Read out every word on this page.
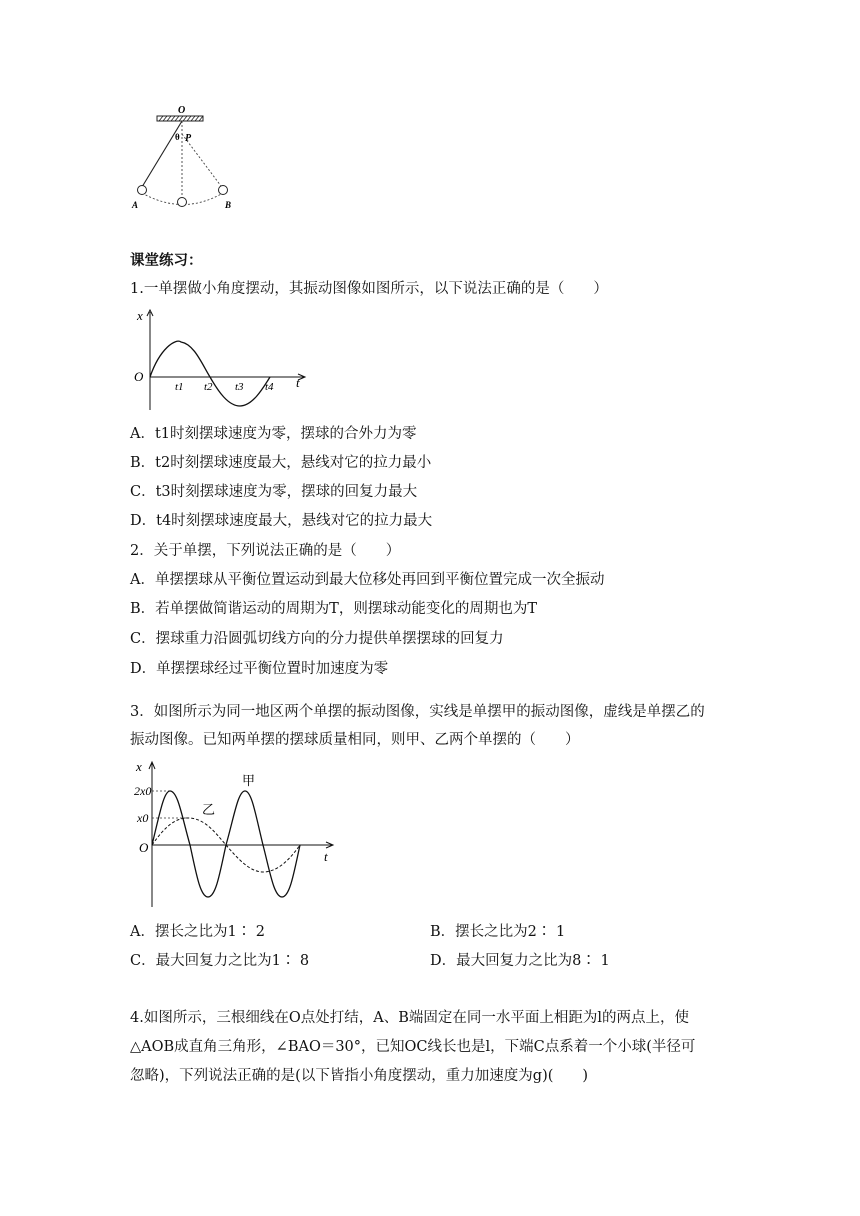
O
θ P
A	B
课堂练习：
1.一单摆做小角度摆动，其振动图像如图所示，以下说法正确的是（　　）
x
O	t
t1 t2 t3 t4
A．t1时刻摆球速度为零，摆球的合外力为零
B．t2时刻摆球速度最大，悬线对它的拉力最小
C．t3时刻摆球速度为零，摆球的回复力最大
D．t4时刻摆球速度最大，悬线对它的拉力最大
2．关于单摆，下列说法正确的是（　　）
A．单摆摆球从平衡位置运动到最大位移处再回到平衡位置完成一次全振动
B．若单摆做简谐运动的周期为T，则摆球动能变化的周期也为T
C．摆球重力沿圆弧切线方向的分力提供单摆摆球的回复力
D．单摆摆球经过平衡位置时加速度为零
3．如图所示为同一地区两个单摆的振动图像，实线是单摆甲的振动图像，虚线是单摆乙的
振动图像。已知两单摆的摆球质量相同，则甲、乙两个单摆的（　　）
x
2x0
x0
O
t
甲
乙
A．摆长之比为1∶ 2	B．摆长之比为2∶ 1
C．最大回复力之比为1∶ 8	D．最大回复力之比为8∶ 1
4.如图所示，三根细线在O点处打结，A、B端固定在同一水平面上相距为l的两点上，使
△AOB成直角三角形，∠BAO＝30°，已知OC线长也是l，下端C点系着一个小球(半径可
忽略)，下列说法正确的是(以下皆指小角度摆动，重力加速度为g)(　　)
